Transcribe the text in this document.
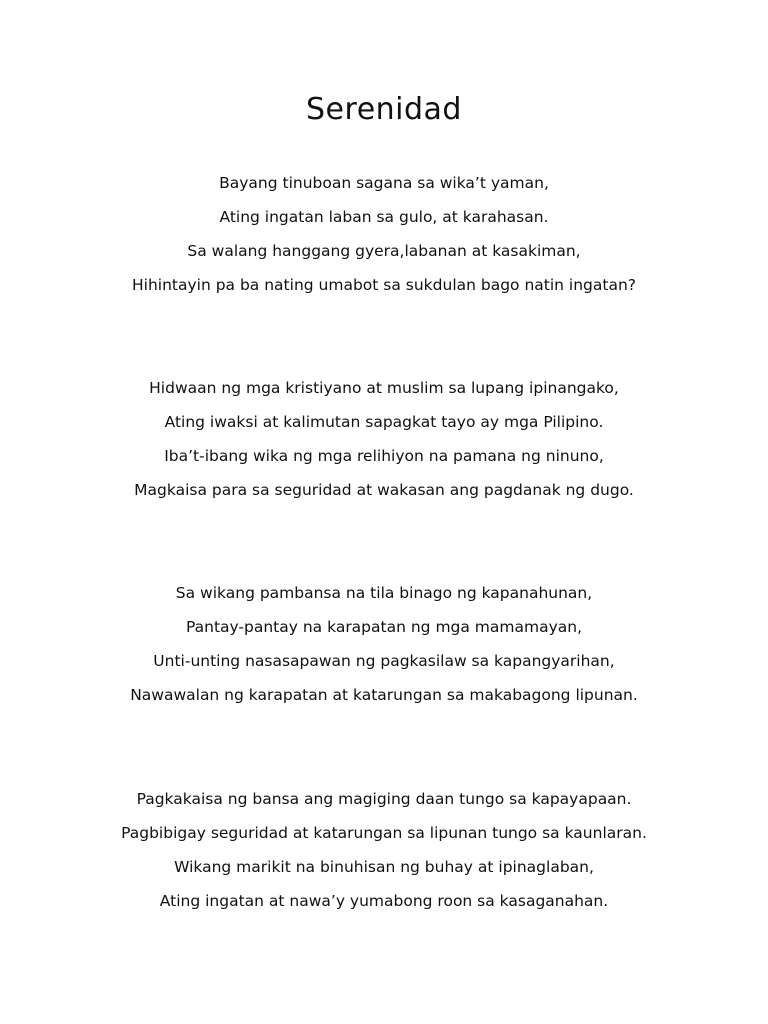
Serenidad
Bayang tinuboan sagana sa wika’t yaman,
Ating ingatan laban sa gulo, at karahasan.
Sa walang hanggang gyera,labanan at kasakiman,
Hihintayin pa ba nating umabot sa sukdulan bago natin ingatan?
Hidwaan ng mga kristiyano at muslim sa lupang ipinangako,
Ating iwaksi at kalimutan sapagkat tayo ay mga Pilipino.
Iba’t-ibang wika ng mga relihiyon na pamana ng ninuno,
Magkaisa para sa seguridad at wakasan ang pagdanak ng dugo.
Sa wikang pambansa na tila binago ng kapanahunan,
Pantay-pantay na karapatan ng mga mamamayan,
Unti-unting nasasapawan ng pagkasilaw sa kapangyarihan,
Nawawalan ng karapatan at katarungan sa makabagong lipunan.
Pagkakaisa ng bansa ang magiging daan tungo sa kapayapaan.
Pagbibigay seguridad at katarungan sa lipunan tungo sa kaunlaran.
Wikang marikit na binuhisan ng buhay at ipinaglaban,
Ating ingatan at nawa’y yumabong roon sa kasaganahan.
